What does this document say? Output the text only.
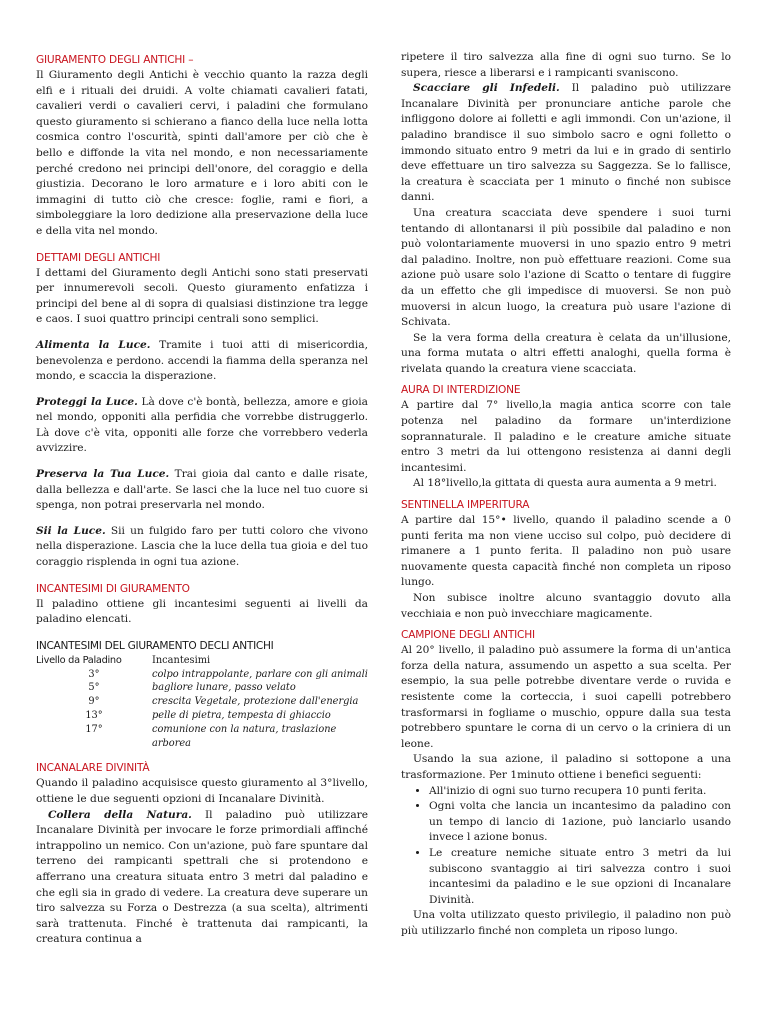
GIURAMENTO DEGLI ANTICHI –

Il Giuramento degli Antichi è vecchio quanto la razza degli elfi e i rituali dei druidi. A volte chiamati cavalieri fatati, cavalieri verdi o cavalieri cervi, i paladini che formulano questo giuramento si schierano a fianco della luce nella lotta cosmica contro l'oscurità, spinti dall'amore per ciò che è bello e diffonde la vita nel mondo, e non necessariamente perché credono nei principi dell'onore, del coraggio e della giustizia. Decorano le loro armature e i loro abiti con le immagini di tutto ciò che cresce: foglie, rami e fiori, a simboleggiare la loro dedizione alla preservazione della luce e della vita nel mondo.

DETTAMI DEGLI ANTICHI

I dettami del Giuramento degli Antichi sono stati preservati per innumerevoli secoli. Questo giuramento enfatizza i principi del bene al di sopra di qualsiasi distinzione tra legge e caos. I suoi quattro principi centrali sono semplici.

Alimenta la Luce. Tramite i tuoi atti di misericordia, benevolenza e perdono. accendi la fiamma della speranza nel mondo, e scaccia la disperazione.

Proteggi la Luce. Là dove c'è bontà, bellezza, amore e gioia nel mondo, opponiti alla perfidia che vorrebbe distruggerlo. Là dove c'è vita, opponiti alle forze che vorrebbero vederla avvizzire.

Preserva la Tua Luce. Trai gioia dal canto e dalle risate, dalla bellezza e dall'arte. Se lasci che la luce nel tuo cuore si spenga, non potrai preservarla nel mondo.

Sii la Luce. Sii un fulgido faro per tutti coloro che vivono nella disperazione. Lascia che la luce della tua gioia e del tuo coraggio risplenda in ogni tua azione.

INCANTESIMI DI GIURAMENTO

Il paladino ottiene gli incantesimi seguenti ai livelli da paladino elencati.

INCANTESIMI DEL GIURAMENTO DECLI ANTICHI

Livello da Paladino	Incantesimi
3°	colpo intrappolante, parlare con gli animali
5°	bagliore lunare, passo velato
9°	crescita Vegetale, protezione dall'energia
13°	pelle di pietra, tempesta di ghiaccio
17°	comunione con la natura, traslazione arborea
INCANALARE DIVINITÀ

Quando il paladino acquisisce questo giuramento al 3°livello, ottiene le due seguenti opzioni di Incanalare Divinità.

Collera della Natura. Il paladino può utilizzare Incanalare Divinità per invocare le forze primordiali affinché intrappolino un nemico. Con un'azione, può fare spuntare dal terreno dei rampicanti spettrali che si protendono e afferrano una creatura situata entro 3 metri dal paladino e che egli sia in grado di vedere. La creatura deve superare un tiro salvezza su Forza o Destrezza (a sua scelta), altrimenti sarà trattenuta. Finché è trattenuta dai rampicanti, la creatura continua a

ripetere il tiro salvezza alla fine di ogni suo turno. Se lo supera, riesce a liberarsi e i rampicanti svaniscono.

Scacciare gli Infedeli. Il paladino può utilizzare Incanalare Divinità per pronunciare antiche parole che infliggono dolore ai folletti e agli immondi. Con un'azione, il paladino brandisce il suo simbolo sacro e ogni folletto o immondo situato entro 9 metri da lui e in grado di sentirlo deve effettuare un tiro salvezza su Saggezza. Se lo fallisce, la creatura è scacciata per 1 minuto o finché non subisce danni.

Una creatura scacciata deve spendere i suoi turni tentando di allontanarsi il più possibile dal paladino e non può volontariamente muoversi in uno spazio entro 9 metri dal paladino. Inoltre, non può effettuare reazioni. Come sua azione può usare solo l'azione di Scatto o tentare di fuggire da un effetto che gli impedisce di muoversi. Se non può muoversi in alcun luogo, la creatura può usare l'azione di Schivata.

Se la vera forma della creatura è celata da un'illusione, una forma mutata o altri effetti analoghi, quella forma è rivelata quando la creatura viene scacciata.

AURA DI INTERDIZIONE

A partire dal 7° livello,la magia antica scorre con tale potenza nel paladino da formare un'interdizione soprannaturale. Il paladino e le creature amiche situate entro 3 metri da lui ottengono resistenza ai danni degli incantesimi.

Al 18°livello,la gittata di questa aura aumenta a 9 metri.

SENTINELLA IMPERITURA

A partire dal 15°• livello, quando il paladino scende a 0 punti ferita ma non viene ucciso sul colpo, può decidere di rimanere a 1 punto ferita. Il paladino non può usare nuovamente questa capacità finché non completa un riposo lungo.

Non subisce inoltre alcuno svantaggio dovuto alla vecchiaia e non può invecchiare magicamente.

CAMPIONE DEGLI ANTICHI

Al 20° livello, il paladino può assumere la forma di un'antica forza della natura, assumendo un aspetto a sua scelta. Per esempio, la sua pelle potrebbe diventare verde o ruvida e resistente come la corteccia, i suoi capelli potrebbero trasformarsi in fogliame o muschio, oppure dalla sua testa potrebbero spuntare le corna di un cervo o la criniera di un leone.

Usando la sua azione, il paladino si sottopone a una trasformazione. Per 1minuto ottiene i benefici seguenti:

• All'inizio di ogni suo turno recupera 10 punti ferita.
• Ogni volta che lancia un incantesimo da paladino con un tempo di lancio di 1azione, può lanciarlo usando invece l azione bonus.
• Le creature nemiche situate entro 3 metri da lui subiscono svantaggio ai tiri salvezza contro i suoi incantesimi da paladino e le sue opzioni di Incanalare Divinità.

Una volta utilizzato questo privilegio, il paladino non può più utilizzarlo finché non completa un riposo lungo.
